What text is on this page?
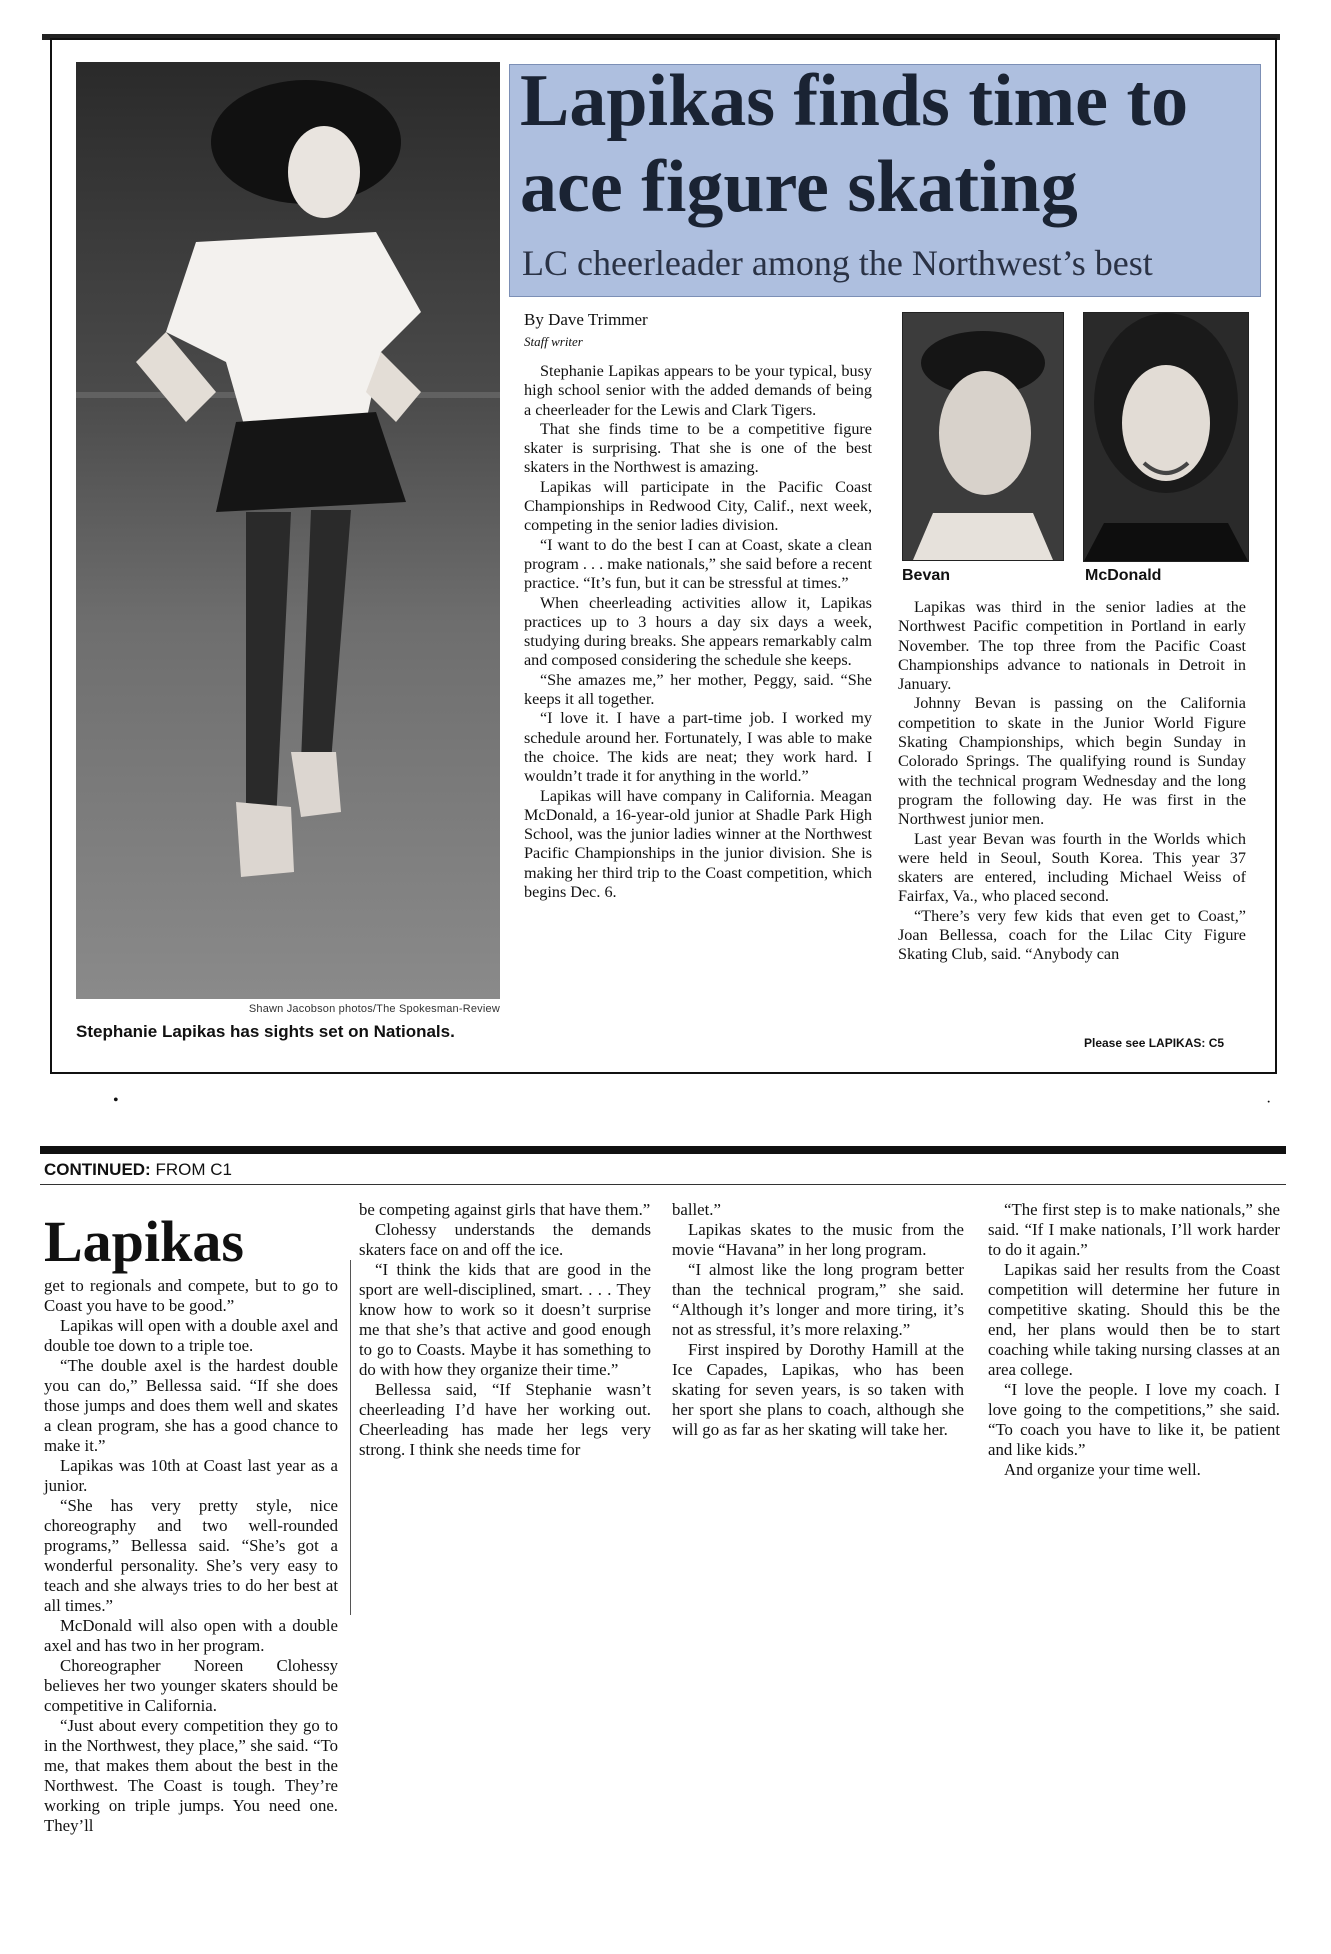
Shawn Jacobson photos/The Spokesman-Review
Stephanie Lapikas has sights set on Nationals.
Lapikas finds time to ace figure skating
LC cheerleader among the Northwest’s best
By Dave Trimmer
Staff writer

Stephanie Lapikas appears to be your typical, busy high school senior with the added demands of being a cheerleader for the Lewis and Clark Tigers.

That she finds time to be a competitive figure skater is surprising. That she is one of the best skaters in the Northwest is amazing.

Lapikas will participate in the Pacific Coast Championships in Redwood City, Calif., next week, competing in the senior ladies division.

“I want to do the best I can at Coast, skate a clean program . . . make nationals,” she said before a recent practice. “It’s fun, but it can be stressful at times.”

When cheerleading activities allow it, Lapikas practices up to 3 hours a day six days a week, studying during breaks. She appears remarkably calm and composed considering the schedule she keeps.

“She amazes me,” her mother, Peggy, said. “She keeps it all together.

“I love it. I have a part-time job. I worked my schedule around her. Fortunately, I was able to make the choice. The kids are neat; they work hard. I wouldn’t trade it for anything in the world.”

Lapikas will have company in California. Meagan McDonald, a 16-year-old junior at Shadle Park High School, was the junior ladies winner at the Northwest Pacific Championships in the junior division. She is making her third trip to the Coast competition, which begins Dec. 6.

Bevan	McDonald

Lapikas was third in the senior ladies at the Northwest Pacific competition in Portland in early November. The top three from the Pacific Coast Championships advance to nationals in Detroit in January.

Johnny Bevan is passing on the California competition to skate in the Junior World Figure Skating Championships, which begin Sunday in Colorado Springs. The qualifying round is Sunday with the technical program Wednesday and the long program the following day. He was first in the Northwest junior men.

Last year Bevan was fourth in the Worlds which were held in Seoul, South Korea. This year 37 skaters are entered, including Michael Weiss of Fairfax, Va., who placed second.

“There’s very few kids that even get to Coast,” Joan Bellessa, coach for the Lilac City Figure Skating Club, said. “Anybody can

Please see LAPIKAS: C5
•	·
CONTINUED: FROM C1
Lapikas

get to regionals and compete, but to go to Coast you have to be good.”

Lapikas will open with a double axel and double toe down to a triple toe.

“The double axel is the hardest double you can do,” Bellessa said. “If she does those jumps and does them well and skates a clean program, she has a good chance to make it.”

Lapikas was 10th at Coast last year as a junior.

“She has very pretty style, nice choreography and two well-rounded programs,” Bellessa said. “She’s got a wonderful personality. She’s very easy to teach and she always tries to do her best at all times.”

McDonald will also open with a double axel and has two in her program.

Choreographer Noreen Clohessy believes her two younger skaters should be competitive in California.

“Just about every competition they go to in the Northwest, they place,” she said. “To me, that makes them about the best in the Northwest. The Coast is tough. They’re working on triple jumps. You need one. They’ll

be competing against girls that have them.”

Clohessy understands the demands skaters face on and off the ice.

“I think the kids that are good in the sport are well-disciplined, smart. . . . They know how to work so it doesn’t surprise me that she’s that active and good enough to go to Coasts. Maybe it has something to do with how they organize their time.”

Bellessa said, “If Stephanie wasn’t cheerleading I’d have her working out. Cheerleading has made her legs very strong. I think she needs time for

ballet.”

Lapikas skates to the music from the movie “Havana” in her long program.

“I almost like the long program better than the technical program,” she said. “Although it’s longer and more tiring, it’s not as stressful, it’s more relaxing.”

First inspired by Dorothy Hamill at the Ice Capades, Lapikas, who has been skating for seven years, is so taken with her sport she plans to coach, although she will go as far as her skating will take her.

“The first step is to make nationals,” she said. “If I make nationals, I’ll work harder to do it again.”

Lapikas said her results from the Coast competition will determine her future in competitive skating. Should this be the end, her plans would then be to start coaching while taking nursing classes at an area college.

“I love the people. I love my coach. I love going to the competitions,” she said. “To coach you have to like it, be patient and like kids.”

And organize your time well.
